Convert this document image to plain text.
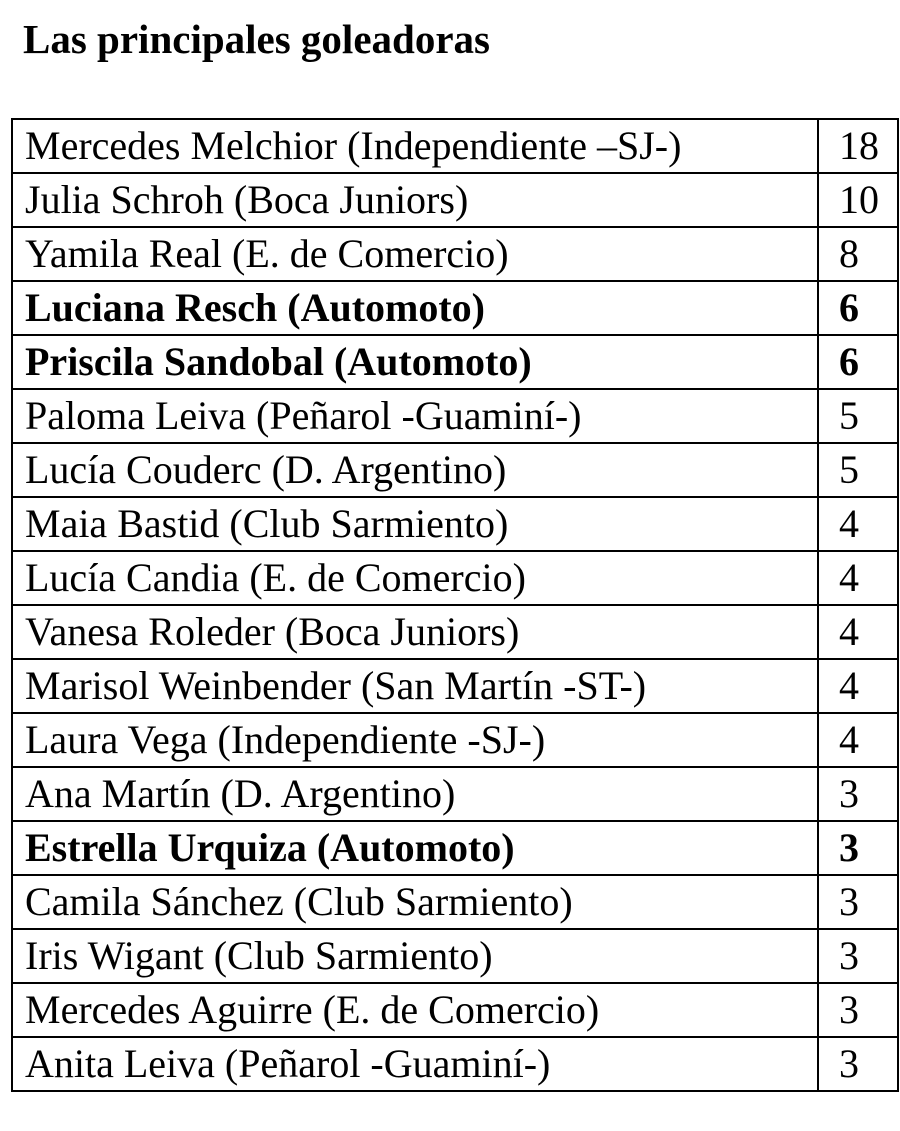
Las principales goleadoras
Mercedes Melchior (Independiente –SJ-)	18
Julia Schroh (Boca Juniors)	10
Yamila Real (E. de Comercio)	8
Luciana Resch (Automoto)	6
Priscila Sandobal (Automoto)	6
Paloma Leiva (Peñarol -Guaminí-)	5
Lucía Couderc (D. Argentino)	5
Maia Bastid (Club Sarmiento)	4
Lucía Candia (E. de Comercio)	4
Vanesa Roleder (Boca Juniors)	4
Marisol Weinbender (San Martín -ST-)	4
Laura Vega (Independiente -SJ-)	4
Ana Martín (D. Argentino)	3
Estrella Urquiza (Automoto)	3
Camila Sánchez (Club Sarmiento)	3
Iris Wigant (Club Sarmiento)	3
Mercedes Aguirre (E. de Comercio)	3
Anita Leiva (Peñarol -Guaminí-)	3
